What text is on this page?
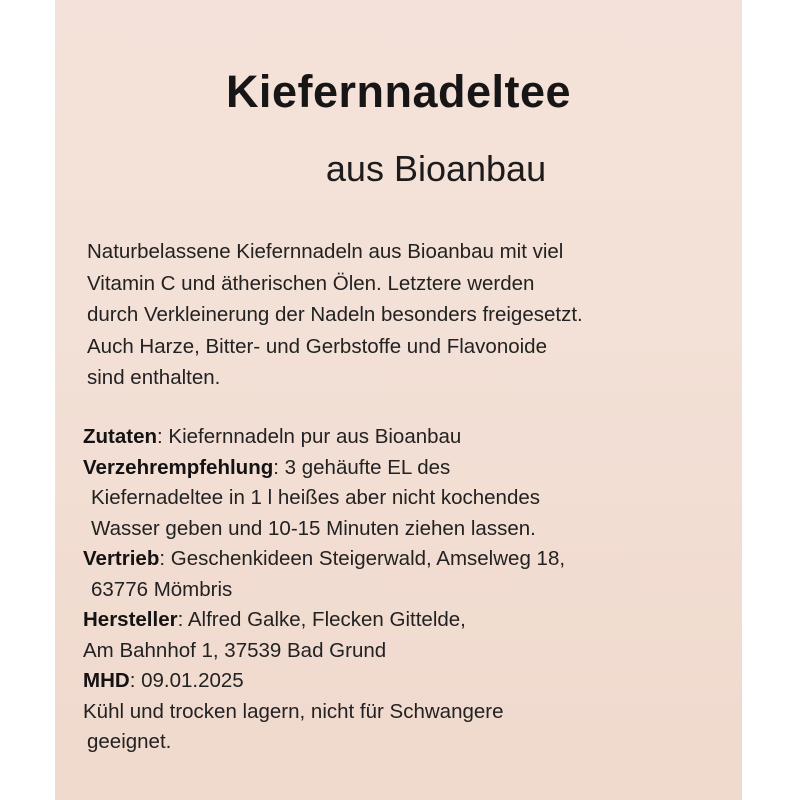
Kiefernnadeltee
aus Bioanbau
Naturbelassene Kiefernnadeln aus Bioanbau mit viel
Vitamin C und ätherischen Ölen. Letztere werden
durch Verkleinerung der Nadeln besonders freigesetzt.
Auch Harze, Bitter- und Gerbstoffe und Flavonoide
sind enthalten.
Zutaten: Kiefernnadeln pur aus Bioanbau
Verzehrempfehlung: 3 gehäufte EL des
Kiefernadeltee in 1 l heißes aber nicht kochendes
Wasser geben und 10-15 Minuten ziehen lassen.
Vertrieb: Geschenkideen Steigerwald, Amselweg 18,
63776 Mömbris
Hersteller: Alfred Galke, Flecken Gittelde,
Am Bahnhof 1, 37539 Bad Grund
MHD: 09.01.2025
Kühl und trocken lagern, nicht für Schwangere
geeignet.
